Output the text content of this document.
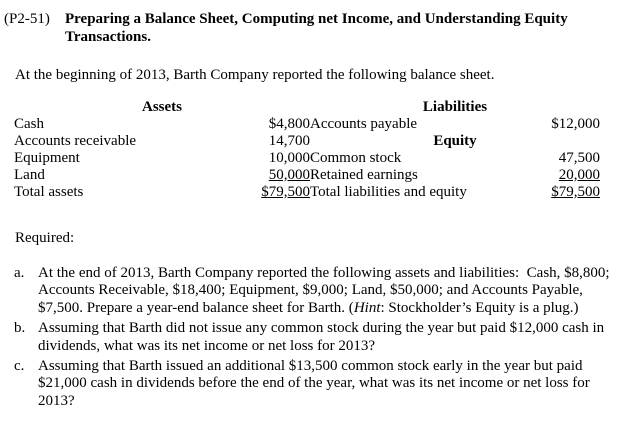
(P2-51)	Preparing a Balance Sheet, Computing net Income, and Understanding Equity
Transactions.
At the beginning of 2013, Barth Company reported the following balance sheet.
Assets		Liabilities	
Cash	$4,800	Accounts payable	$12,000
Accounts receivable	14,700	Equity	
Equipment	10,000	Common stock	47,500
Land	50,000	Retained earnings	20,000
Total assets	$79,500	Total liabilities and equity	$79,500
Required:
a. At the end of 2013, Barth Company reported the following assets and liabilities:  Cash, $8,800; Accounts Receivable, $18,400; Equipment, $9,000; Land, $50,000; and Accounts Payable, $7,500. Prepare a year-end balance sheet for Barth. (Hint: Stockholder’s Equity is a plug.)
b. Assuming that Barth did not issue any common stock during the year but paid $12,000 cash in dividends, what was its net income or net loss for 2013?
c. Assuming that Barth issued an additional $13,500 common stock early in the year but paid $21,000 cash in dividends before the end of the year, what was its net income or net loss for 2013?
